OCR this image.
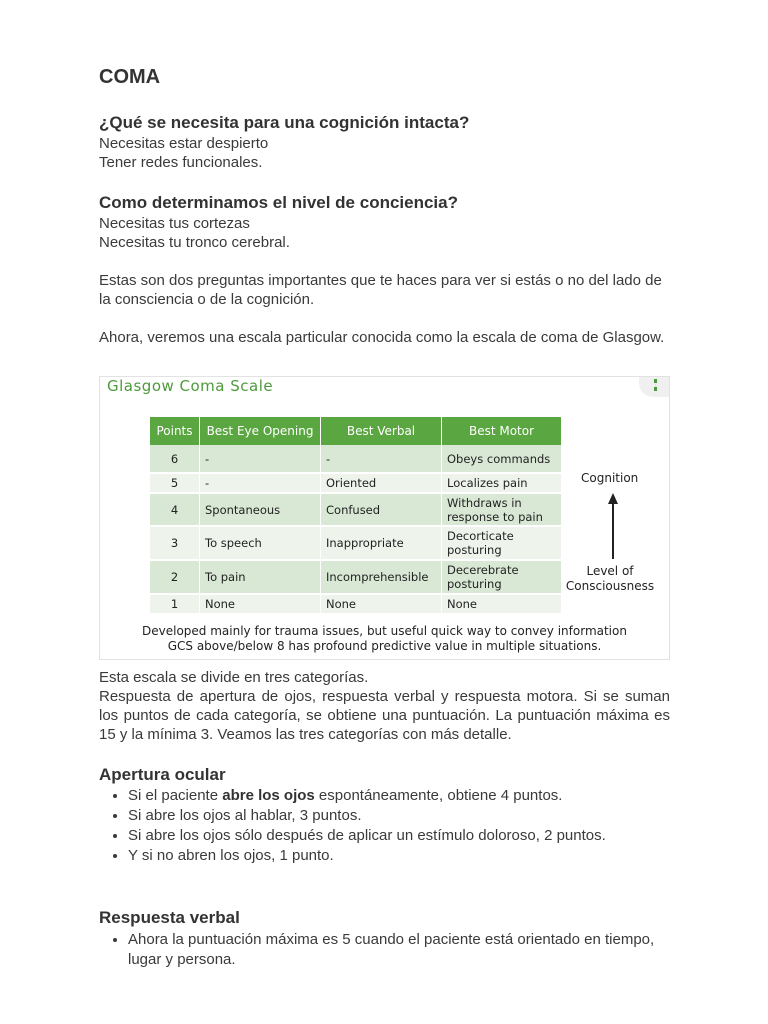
COMA
¿Qué se necesita para una cognición intacta?

Necesitas estar despierto

Tener redes funcionales.

Como determinamos el nivel de conciencia?

Necesitas tus cortezas

Necesitas tu tronco cerebral.

Estas son dos preguntas importantes que te haces para ver si estás o no del lado de la consciencia o de la cognición.

Ahora, veremos una escala particular conocida como la escala de coma de Glasgow.

Glasgow Coma Scale
Points	Best Eye Opening	Best Verbal	Best Motor
6	-	-	Obeys commands
5	-	Oriented	Localizes pain
4	Spontaneous	Confused	Withdraws in response to pain
3	To speech	Inappropriate	Decorticate posturing
2	To pain	Incomprehensible	Decerebrate posturing
1	None	None	None
Cognition
Level of Consciousness
Developed mainly for trauma issues, but useful quick way to convey information
GCS above/below 8 has profound predictive value in multiple situations.

Esta escala se divide en tres categorías.

Respuesta de apertura de ojos, respuesta verbal y respuesta motora. Si se suman los puntos de cada categoría, se obtiene una puntuación. La puntuación máxima es 15 y la mínima 3. Veamos las tres categorías con más detalle.

Apertura ocular
• Si el paciente abre los ojos espontáneamente, obtiene 4 puntos.
• Si abre los ojos al hablar, 3 puntos.
• Si abre los ojos sólo después de aplicar un estímulo doloroso, 2 puntos.
• Y si no abren los ojos, 1 punto.
Respuesta verbal
• Ahora la puntuación máxima es 5 cuando el paciente está orientado en tiempo, lugar y persona.
